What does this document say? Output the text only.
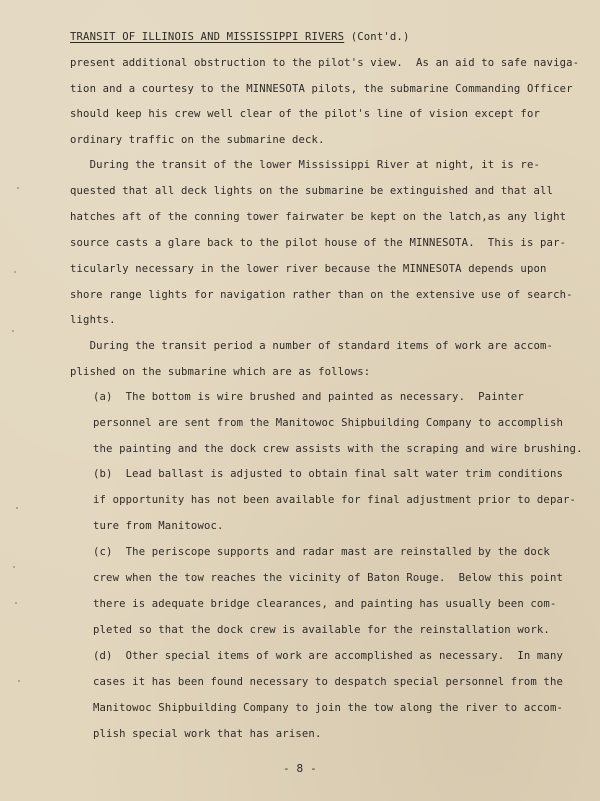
TRANSIT OF ILLINOIS AND MISSISSIPPI RIVERS (Cont'd.)
present additional obstruction to the pilot's view.  As an aid to safe naviga-
tion and a courtesy to the MINNESOTA pilots, the submarine Commanding Officer
should keep his crew well clear of the pilot's line of vision except for
ordinary traffic on the submarine deck.
During the transit of the lower Mississippi River at night, it is re-
quested that all deck lights on the submarine be extinguished and that all
hatches aft of the conning tower fairwater be kept on the latch,as any light
source casts a glare back to the pilot house of the MINNESOTA.  This is par-
ticularly necessary in the lower river because the MINNESOTA depends upon
shore range lights for navigation rather than on the extensive use of search-
lights.
During the transit period a number of standard items of work are accom-
plished on the submarine which are as follows:
(a)  The bottom is wire brushed and painted as necessary.  Painter
personnel are sent from the Manitowoc Shipbuilding Company to accomplish
the painting and the dock crew assists with the scraping and wire brushing.
(b)  Lead ballast is adjusted to obtain final salt water trim conditions
if opportunity has not been available for final adjustment prior to depar-
ture from Manitowoc.
(c)  The periscope supports and radar mast are reinstalled by the dock
crew when the tow reaches the vicinity of Baton Rouge.  Below this point
there is adequate bridge clearances, and painting has usually been com-
pleted so that the dock crew is available for the reinstallation work.
(d)  Other special items of work are accomplished as necessary.  In many
cases it has been found necessary to despatch special personnel from the
Manitowoc Shipbuilding Company to join the tow along the river to accom-
plish special work that has arisen.
- 8 -
